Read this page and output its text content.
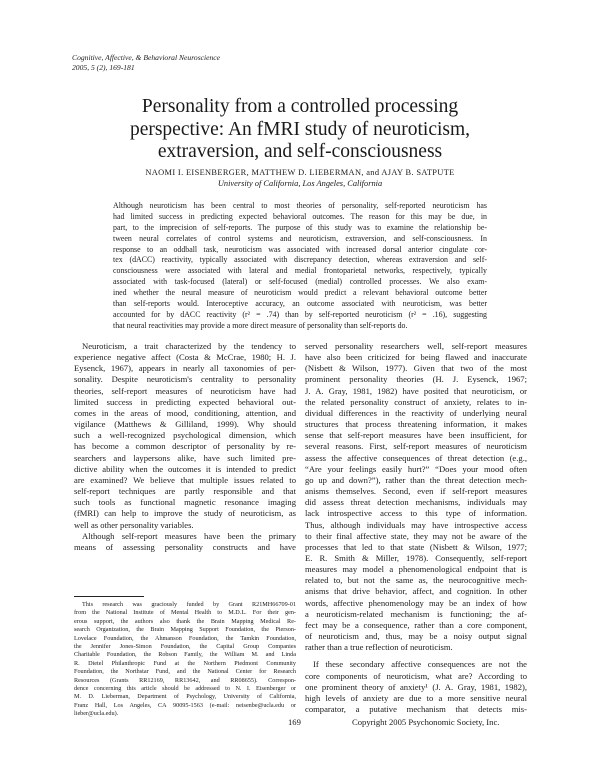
Cognitive, Affective, & Behavioral Neuroscience
2005, 5 (2), 169-181
Personality from a controlled processing
perspective: An fMRI study of neuroticism,
extraversion, and self-consciousness
NAOMI I. EISENBERGER, MATTHEW D. LIEBERMAN, and AJAY B. SATPUTE
University of California, Los Angeles, California
Although neuroticism has been central to most theories of personality, self-reported neuroticism has
had limited success in predicting expected behavioral outcomes. The reason for this may be due, in
part, to the imprecision of self-reports. The purpose of this study was to examine the relationship be-
tween neural correlates of control systems and neuroticism, extraversion, and self-consciousness. In
response to an oddball task, neuroticism was associated with increased dorsal anterior cingulate cor-
tex (dACC) reactivity, typically associated with discrepancy detection, whereas extraversion and self-
consciousness were associated with lateral and medial frontoparietal networks, respectively, typically
associated with task-focused (lateral) or self-focused (medial) controlled processes. We also exam-
ined whether the neural measure of neuroticism would predict a relevant behavioral outcome better
than self-reports would. Interoceptive accuracy, an outcome associated with neuroticism, was better
accounted for by dACC reactivity (r² = .74) than by self-reported neuroticism (r² = .16), suggesting
that neural reactivities may provide a more direct measure of personality than self-reports do.
Neuroticism, a trait characterized by the tendency to
experience negative affect (Costa & McCrae, 1980; H. J.
Eysenck, 1967), appears in nearly all taxonomies of per-
sonality. Despite neuroticism's centrality to personality
theories, self-report measures of neuroticism have had
limited success in predicting expected behavioral out-
comes in the areas of mood, conditioning, attention, and
vigilance (Matthews & Gilliland, 1999). Why should
such a well-recognized psychological dimension, which
has become a common descriptor of personality by re-
searchers and laypersons alike, have such limited pre-
dictive ability when the outcomes it is intended to predict
are examined? We believe that multiple issues related to
self-report techniques are partly responsible and that
such tools as functional magnetic resonance imaging
(fMRI) can help to improve the study of neuroticism, as
well as other personality variables.
Although self-report measures have been the primary
means of assessing personality constructs and have
This research was graciously funded by Grant R21MH66709-01
from the National Institute of Mental Health to M.D.L. For their gen-
erous support, the authors also thank the Brain Mapping Medical Re-
search Organization, the Brain Mapping Support Foundation, the Pierson-
Lovelace Foundation, the Ahmanson Foundation, the Tamkin Foundation,
the Jennifer Jones-Simon Foundation, the Capital Group Companies
Charitable Foundation, the Robson Family, the William M. and Linda
R. Dietel Philanthropic Fund at the Northern Piedmont Community
Foundation, the Northstar Fund, and the National Center for Research
Resources (Grants RR12169, RR13642, and RR08655). Correspon-
dence concerning this article should be addressed to N. I. Eisenberger or
M. D. Lieberman, Department of Psychology, University of California,
Franz Hall, Los Angeles, CA 90095-1563 (e-mail: neisenbe@ucla.edu or
lieber@ucla.edu).
served personality researchers well, self-report measures
have also been criticized for being flawed and inaccurate
(Nisbett & Wilson, 1977). Given that two of the most
prominent personality theories (H. J. Eysenck, 1967;
J. A. Gray, 1981, 1982) have posited that neuroticism, or
the related personality construct of anxiety, relates to in-
dividual differences in the reactivity of underlying neural
structures that process threatening information, it makes
sense that self-report measures have been insufficient, for
several reasons. First, self-report measures of neuroticism
assess the affective consequences of threat detection (e.g.,
“Are your feelings easily hurt?” “Does your mood often
go up and down?”), rather than the threat detection mech-
anisms themselves. Second, even if self-report measures
did assess threat detection mechanisms, individuals may
lack introspective access to this type of information.
Thus, although individuals may have introspective access
to their final affective state, they may not be aware of the
processes that led to that state (Nisbett & Wilson, 1977;
E. R. Smith & Miller, 1978). Consequently, self-report
measures may model a phenomenological endpoint that is
related to, but not the same as, the neurocognitive mech-
anisms that drive behavior, affect, and cognition. In other
words, affective phenomenology may be an index of how
a neuroticism-related mechanism is functioning; the af-
fect may be a consequence, rather than a core component,
of neuroticism and, thus, may be a noisy output signal
rather than a true reflection of neuroticism.
If these secondary affective consequences are not the
core components of neuroticism, what are? According to
one prominent theory of anxiety¹ (J. A. Gray, 1981, 1982),
high levels of anxiety are due to a more sensitive neural
comparator, a putative mechanism that detects mis-
169	Copyright 2005 Psychonomic Society, Inc.
